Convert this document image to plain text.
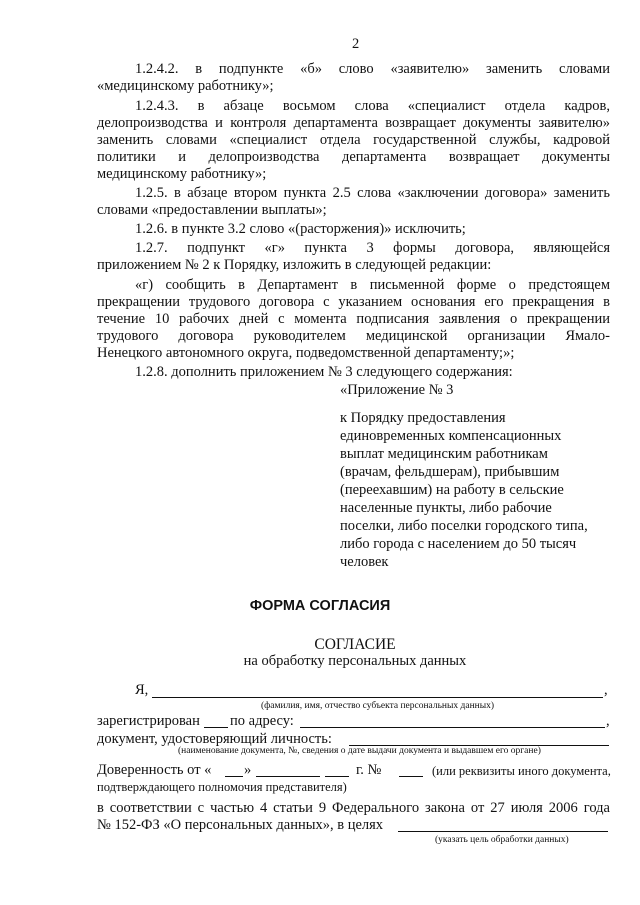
2
1.2.4.2. в подпункте «б» слово «заявителю» заменить словами
«медицинскому работнику»;
1.2.4.3. в абзаце восьмом слова «специалист отдела кадров,
делопроизводства и контроля департамента возвращает документы заявителю»
заменить словами «специалист отдела государственной службы, кадровой
политики и делопроизводства департамента возвращает документы
медицинскому работнику»;
1.2.5. в абзаце втором пункта 2.5 слова «заключении договора» заменить
словами «предоставлении выплаты»;
1.2.6. в пункте 3.2 слово «(расторжения)» исключить;
1.2.7. подпункт «г» пункта 3 формы договора, являющейся
приложением № 2 к Порядку, изложить в следующей редакции:
«г) сообщить в Департамент в письменной форме о предстоящем
прекращении трудового договора с указанием основания его прекращения в
течение 10 рабочих дней с момента подписания заявления о прекращении
трудового договора руководителем медицинской организации Ямало-
Ненецкого автономного округа, подведомственной департаменту;»;
1.2.8. дополнить приложением № 3 следующего содержания:
«Приложение № 3
к Порядку предоставления
единовременных компенсационных
выплат медицинским работникам
(врачам, фельдшерам), прибывшим
(переехавшим) на работу в сельские
населенные пункты, либо рабочие
поселки, либо поселки городского типа,
либо города с населением до 50 тысяч
человек
ФОРМА СОГЛАСИЯ
СОГЛАСИЕ
на обработку персональных данных
Я,	,
(фамилия, имя, отчество субъекта персональных данных)
зарегистрирован по адресу:	,
документ, удостоверяющий личность:
(наименование документа, №, сведения о дате выдачи документа и выдавшем его органе)
Доверенность от « »	г. №	(или реквизиты иного документа,
подтверждающего полномочия представителя)
в соответствии с частью 4 статьи 9 Федерального закона от 27 июля 2006 года
№ 152-ФЗ «О персональных данных», в целях
(указать цель обработки данных)
